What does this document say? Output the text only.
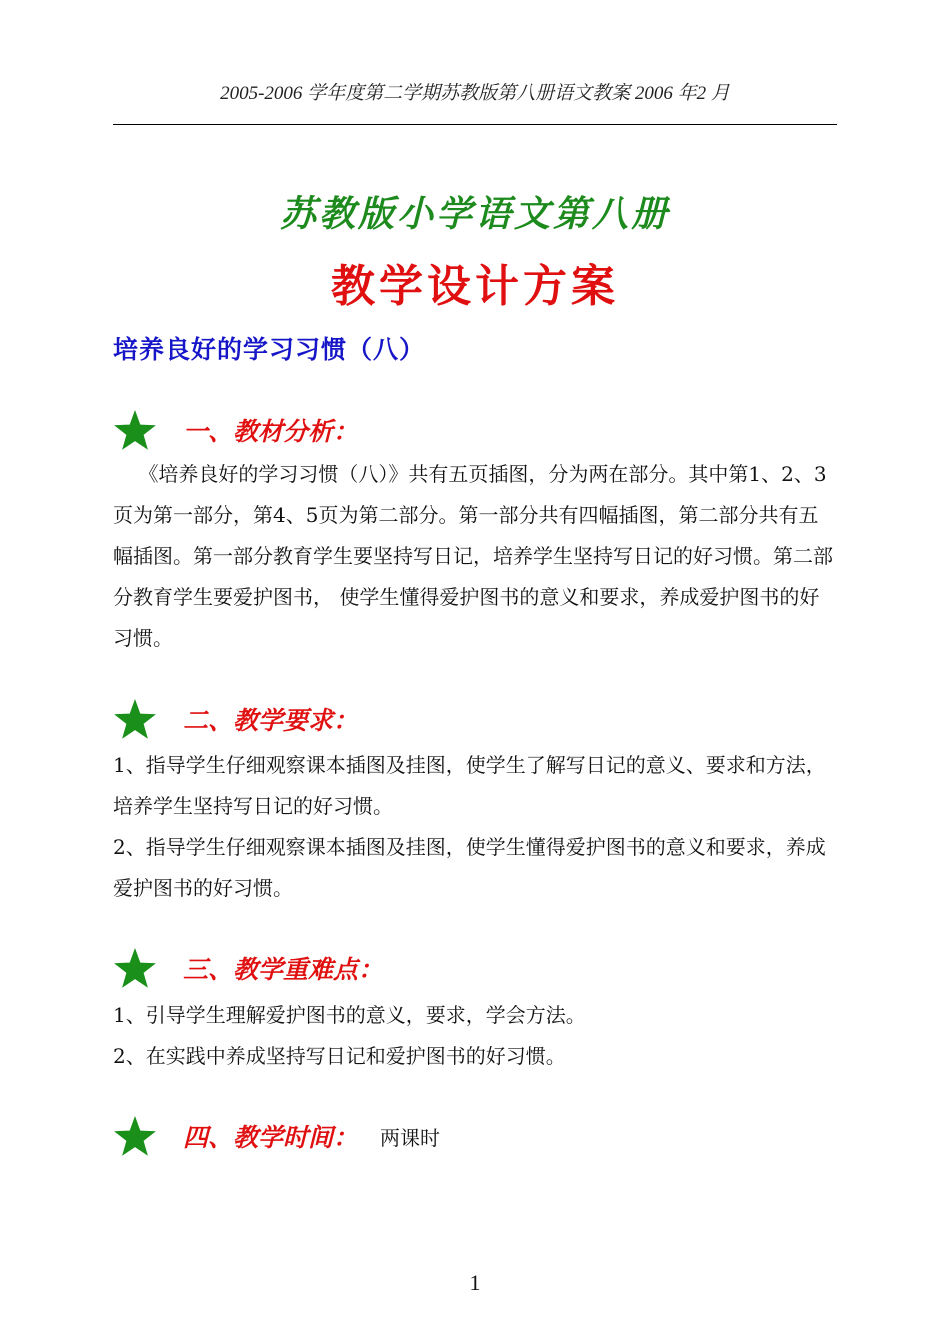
2005-2006 学年度第二学期苏教版第八册语文教案 2006 年2 月
苏教版小学语文第八册
教学设计方案
培养良好的学习习惯（八）
一、教材分析：

《培养良好的学习习惯（八）》共有五页插图，分为两在部分。其中第1、2、3页为第一部分，第4、5页为第二部分。第一部分共有四幅插图，第二部分共有五幅插图。第一部分教育学生要坚持写日记，培养学生坚持写日记的好习惯。第二部分教育学生要爱护图书， 使学生懂得爱护图书的意义和要求，养成爱护图书的好习惯。

二、教学要求：

1、指导学生仔细观察课本插图及挂图，使学生了解写日记的意义、要求和方法，培养学生坚持写日记的好习惯。

2、指导学生仔细观察课本插图及挂图，使学生懂得爱护图书的意义和要求，养成爱护图书的好习惯。

三、教学重难点：

1、引导学生理解爱护图书的意义，要求，学会方法。

2、在实践中养成坚持写日记和爱护图书的好习惯。

四、教学时间： 两课时
1
